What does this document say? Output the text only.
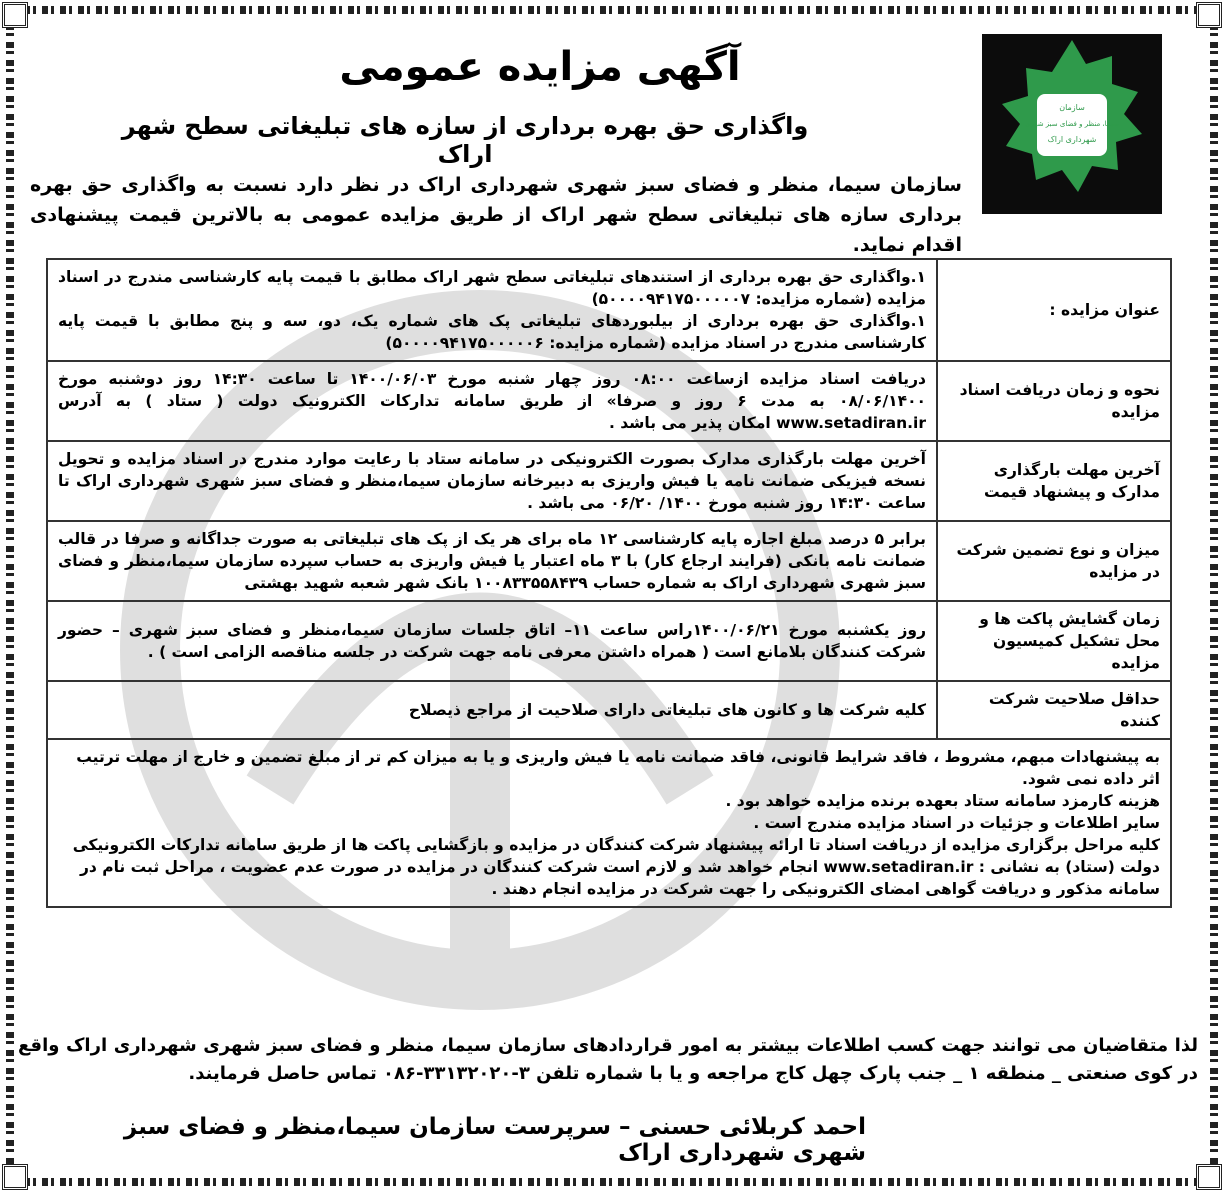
سازمان
سیما، منظر و فضای سبز شهری
شهرداری اراک
آگهی مزایده عمومی
واگذاری حق بهره برداری از سازه های تبلیغاتی سطح شهر اراک
سازمان سیما، منظر و فضای سبز شهری شهرداری اراک در نظر دارد نسبت به واگذاری حق بهره برداری سازه های تبلیغاتی سطح شهر اراک از طریق مزایده عمومی به بالاترین قیمت پیشنهادی اقدام نماید.
عنوان مزایده :	۱.واگذاری حق بهره برداری از استندهای تبلیغاتی سطح شهر اراک مطابق با قیمت پایه کارشناسی مندرج در اسناد مزایده (شماره مزایده: ۵۰۰۰۰۹۴۱۷۵۰۰۰۰۰۷)
۱.واگذاری حق بهره برداری از بیلبوردهای تبلیغاتی پک های شماره یک، دو، سه و پنج مطابق با قیمت پایه کارشناسی مندرج در اسناد مزایده (شماره مزایده: ۵۰۰۰۰۹۴۱۷۵۰۰۰۰۰۶)

نحوه و زمان دریافت اسناد مزایده	دریافت اسناد مزایده ازساعت ۰۸:۰۰ روز چهار شنبه مورخ ۱۴۰۰/۰۶/۰۳ تا ساعت ۱۴:۳۰ روز دوشنبه مورخ ۰۸/۰۶/۱۴۰۰ به مدت ۶ روز و صرفا» از طریق سامانه تدارکات الکترونیک دولت ( ستاد ) به آدرس www.setadiran.ir امکان پذیر می باشد .
آخرین مهلت بارگذاری مدارک و پیشنهاد قیمت	آخرین مهلت بارگذاری مدارک بصورت الکترونیکی در سامانه ستاد با رعایت موارد مندرج در اسناد مزایده و تحویل نسخه فیزیکی ضمانت نامه یا فیش واریزی به دبیرخانه سازمان سیما،منظر و فضای سبز شهری شهرداری اراک تا ساعت ۱۴:۳۰ روز شنبه مورخ ۱۴۰۰/ ۰۶/۲۰ می باشد .
میزان و نوع تضمین شرکت در مزایده	برابر ۵ درصد مبلغ اجاره پایه کارشناسی ۱۲ ماه برای هر یک از پک های تبلیغاتی به صورت جداگانه و صرفا در قالب ضمانت نامه بانکی (فرایند ارجاع کار) با ۳ ماه اعتبار یا فیش واریزی به حساب سپرده سازمان سیما،منظر و فضای سبز شهری شهرداری اراک به شماره حساب ۱۰۰۸۳۳۵۵۸۴۳۹ بانک شهر شعبه شهید بهشتی
زمان گشایش پاکت ها و محل تشکیل کمیسیون مزایده	روز یکشنبه مورخ ۱۴۰۰/۰۶/۲۱راس ساعت ۱۱– اتاق جلسات سازمان سیما،منظر و فضای سبز شهری – حضور شرکت کنندگان بلامانع است ( همراه داشتن معرفی نامه جهت شرکت در جلسه مناقصه الزامی است ) .
حداقل صلاحیت شرکت کننده	کلیه شرکت ها و کانون های تبلیغاتی دارای صلاحیت از مراجع ذیصلاح

به پیشنهادات مبهم، مشروط ، فاقد شرایط قانونی، فاقد ضمانت نامه یا فیش واریزی و یا به میزان کم تر از مبلغ تضمین و خارج از مهلت ترتیب اثر داده نمی شود.
هزینه کارمزد سامانه ستاد بعهده برنده مزایده خواهد بود .
سایر اطلاعات و جزئیات در اسناد مزایده مندرج است .
کلیه مراحل برگزاری مزایده از دریافت اسناد تا ارائه پیشنهاد شرکت کنندگان در مزایده و بازگشایی پاکت ها از طریق سامانه تدارکات الکترونیکی دولت (ستاد) به نشانی : www.setadiran.ir انجام خواهد شد و لازم است شرکت کنندگان در مزایده در صورت عدم عضویت ، مراحل ثبت نام در سامانه مذکور و دریافت گواهی امضای الکترونیکی را جهت شرکت در مزایده انجام دهند .	
لذا متقاضیان می توانند جهت کسب اطلاعات بیشتر به امور قراردادهای سازمان سیما، منظر و فضای سبز شهری شهرداری اراک واقع در کوی صنعتی _ منطقه ۱ _ جنب پارک چهل کاج مراجعه و یا با شماره تلفن ۳-۳۳۱۳۲۰۲۰-۰۸۶ تماس حاصل فرمایند.
احمد کربلائی حسنی – سرپرست سازمان سیما،منظر و فضای سبز شهری شهرداری اراک
